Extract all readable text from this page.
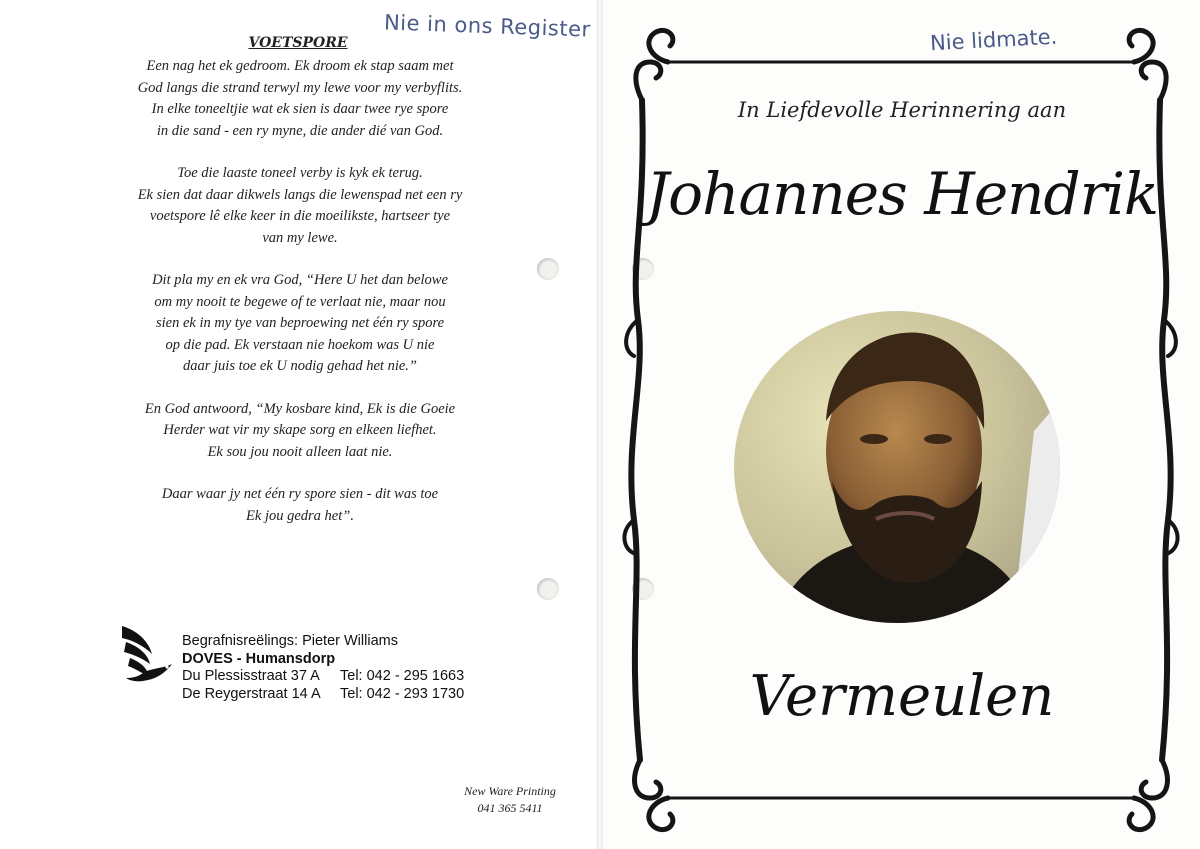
Nie in ons Register
VOETSPORE
Een nag het ek gedroom. Ek droom ek stap saam met
God langs die strand terwyl my lewe voor my verbyflits.
In elke toneeltjie wat ek sien is daar twee rye spore
in die sand - een ry myne, die ander dié van God.
Toe die laaste toneel verby is kyk ek terug.
Ek sien dat daar dikwels langs die lewenspad net een ry
voetspore lê elke keer in die moeilikste, hartseer tye
van my lewe.
Dit pla my en ek vra God, “Here U het dan belowe
om my nooit te begewe of te verlaat nie, maar nou
sien ek in my tye van beproewing net één ry spore
op die pad. Ek verstaan nie hoekom was U nie
daar juis toe ek U nodig gehad het nie.”
En God antwoord, “My kosbare kind, Ek is die Goeie
Herder wat vir my skape sorg en elkeen liefhet.
Ek sou jou nooit alleen laat nie.
Daar waar jy net één ry spore sien - dit was toe
Ek jou gedra het”.
Begrafnisreëlings: Pieter Williams
DOVES - Humansdorp
Du Plessisstraat 37 A	Tel: 042 - 295 1663
De Reygerstraat 14 A	Tel: 042 - 293 1730
New Ware Printing
041 365 5411
Nie lidmate.
In Liefdevolle Herinnering aan
Johannes Hendrik
Vermeulen
